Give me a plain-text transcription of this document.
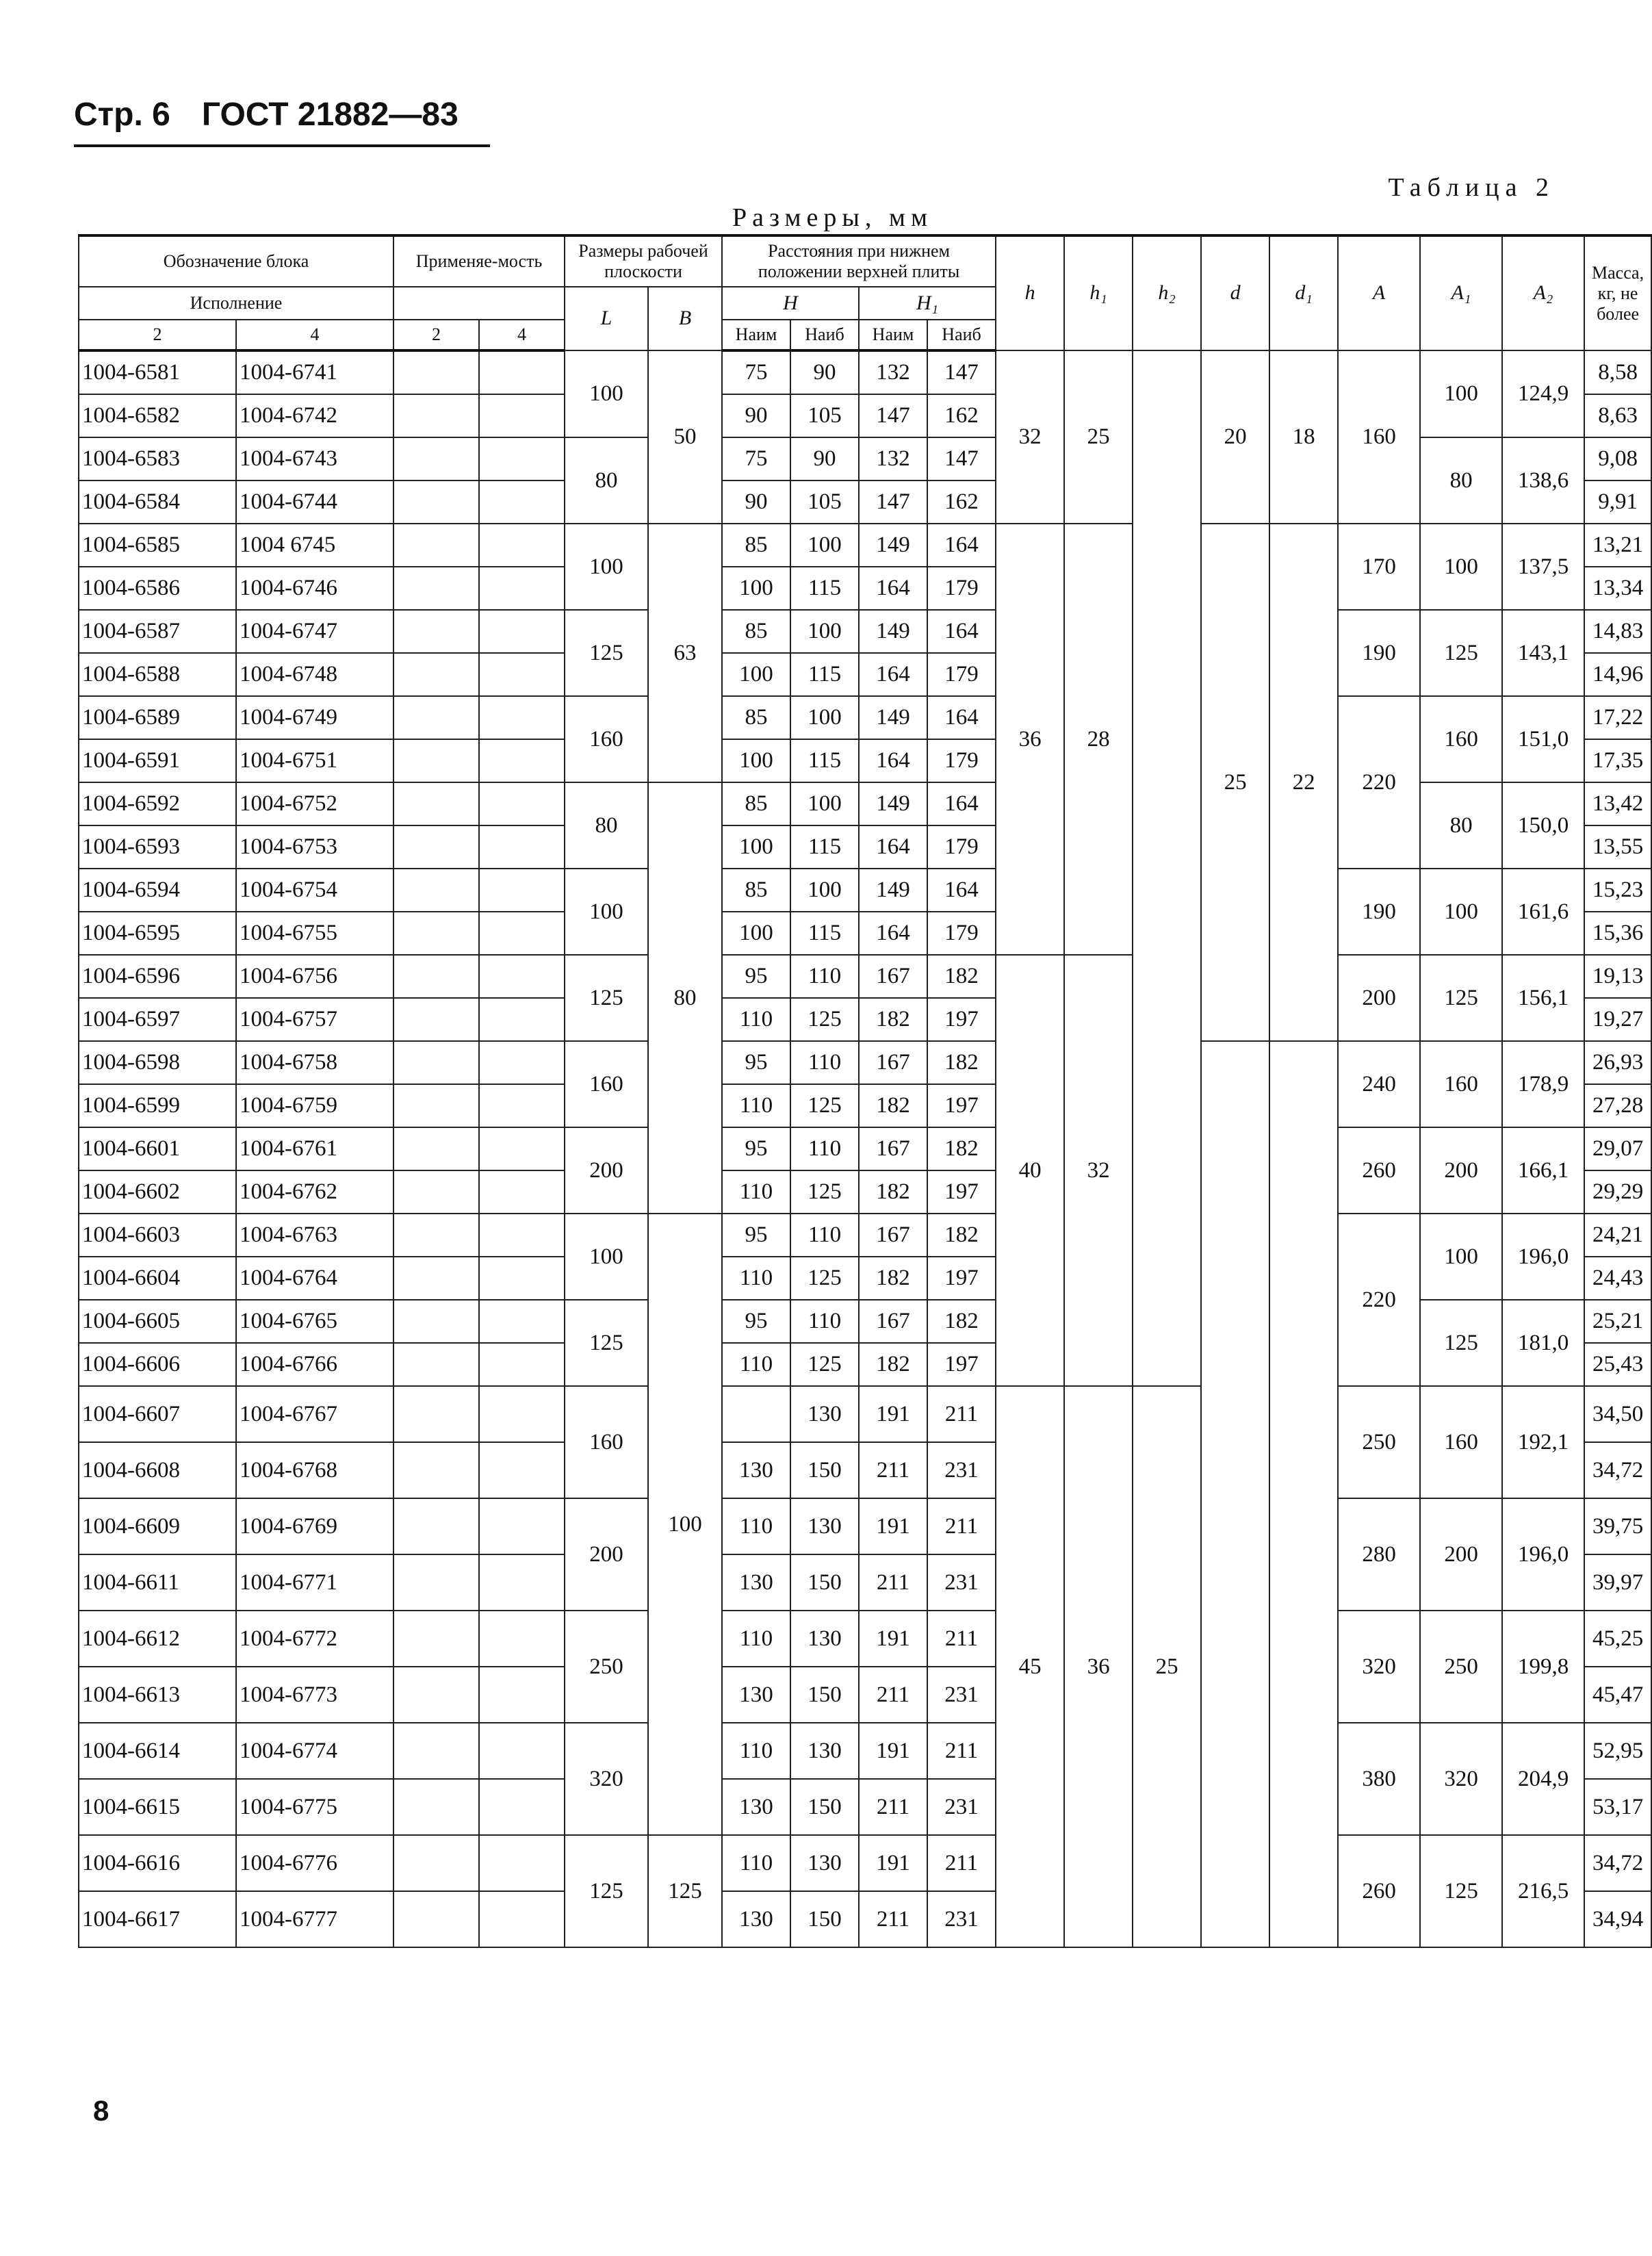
Стр. 6 ГОСТ 21882—83
Таблица 2
Размеры, мм
Обозначение блока		Применяе-мость		Размеры рабочей плоскости		Расстояния при нижнем положении верхней плиты				h	h₁	h₂	d	d₁	A	A₁	A₂	Масса, кг, не более
Исполнение				L	B	H		H₁										
2	4	2	4			Наим	Наиб	Наим	Наиб									
1004-6581	1004-6741			100	50	75	90	132	147	32	25		20	18	160	100	124,9	8,58
1004-6582	1004-6742					90	105	147	162									8,63
1004-6583	1004-6743			80		75	90	132	147							80	138,6	9,08
1004-6584	1004-6744					90	105	147	162									9,91
1004-6585	1004 6745			100	63	85	100	149	164	36	28		25	22	170	100	137,5	13,21
1004-6586	1004-6746					100	115	164	179									13,34
1004-6587	1004-6747			125		85	100	149	164						190	125	143,1	14,83
1004-6588	1004-6748					100	115	164	179									14,96
1004-6589	1004-6749			160		85	100	149	164						220	160	151,0	17,22
1004-6591	1004-6751					100	115	164	179									17,35
1004-6592	1004-6752			80	80	85	100	149	164							80	150,0	13,42
1004-6593	1004-6753					100	115	164	179									13,55
1004-6594	1004-6754			100		85	100	149	164						190	100	161,6	15,23
1004-6595	1004-6755					100	115	164	179									15,36
1004-6596	1004-6756			125		95	110	167	182	40	32				200	125	156,1	19,13
1004-6597	1004-6757					110	125	182	197									19,27
1004-6598	1004-6758			160		95	110	167	182						240	160	178,9	26,93
1004-6599	1004-6759					110	125	182	197									27,28
1004-6601	1004-6761			200		95	110	167	182						260	200	166,1	29,07
1004-6602	1004-6762					110	125	182	197									29,29
1004-6603	1004-6763			100	100	95	110	167	182						220	100	196,0	24,21
1004-6604	1004-6764					110	125	182	197									24,43
1004-6605	1004-6765			125		95	110	167	182							125	181,0	25,21
1004-6606	1004-6766					110	125	182	197									25,43
1004-6607	1004-6767			160			130	191	211	45	36	25			250	160	192,1	34,50
1004-6608	1004-6768					130	150	211	231									34,72
1004-6609	1004-6769			200		110	130	191	211						280	200	196,0	39,75
1004-6611	1004-6771					130	150	211	231									39,97
1004-6612	1004-6772			250		110	130	191	211						320	250	199,8	45,25
1004-6613	1004-6773					130	150	211	231									45,47
1004-6614	1004-6774			320		110	130	191	211						380	320	204,9	52,95
1004-6615	1004-6775					130	150	211	231									53,17
1004-6616	1004-6776			125	125	110	130	191	211						260	125	216,5	34,72
1004-6617	1004-6777					130	150	211	231									34,94
8
